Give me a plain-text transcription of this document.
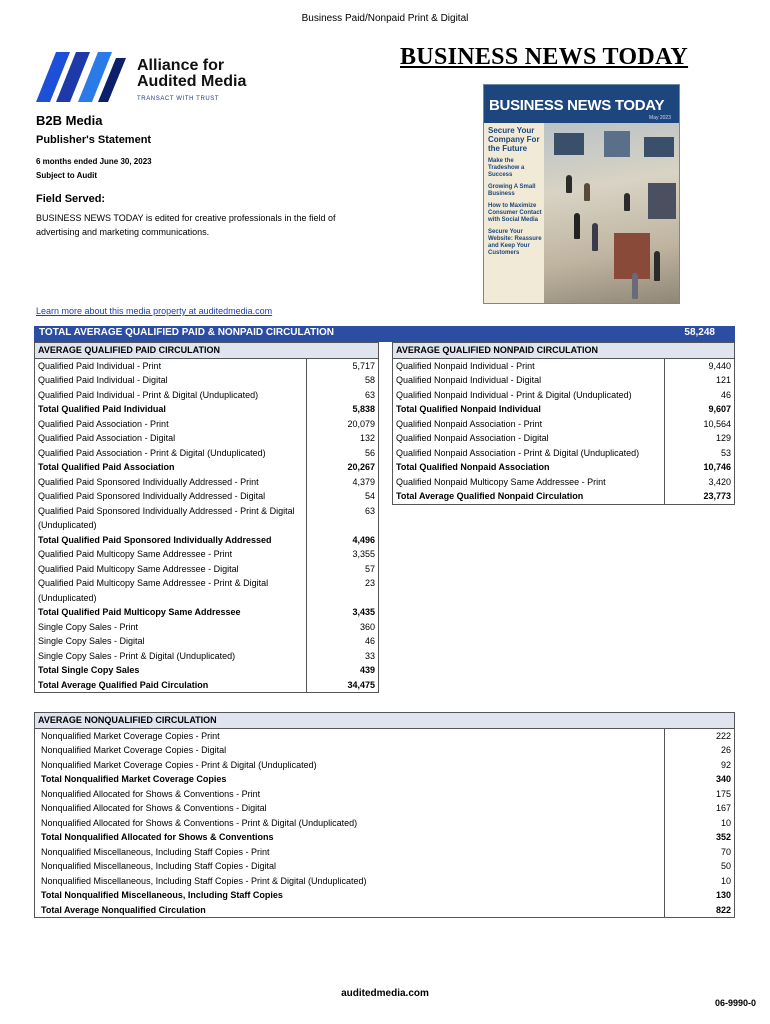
Business Paid/Nonpaid Print & Digital
Alliance for
Audited Media
TRANSACT WITH TRUST
BUSINESS NEWS TODAY
BUSINESS NEWS TODAY
May 2023
Secure Your Company For the Future
Make the Tradeshow a Success
Growing A Small Business
How to Maximize Consumer Contact with Social Media
Secure Your Website: Reassure and Keep Your Customers
B2B Media
Publisher's Statement
6 months ended June 30, 2023
Subject to Audit
Field Served:
BUSINESS NEWS TODAY is edited for creative professionals in the field of advertising and marketing communications.
Learn more about this media property at auditedmedia.com
TOTAL AVERAGE QUALIFIED PAID & NONPAID CIRCULATION	58,248
AVERAGE QUALIFIED PAID CIRCULATION	
Qualified Paid Individual - Print	5,717
Qualified Paid Individual - Digital	58
Qualified Paid Individual - Print & Digital (Unduplicated)	63
Total Qualified Paid Individual	5,838
Qualified Paid Association - Print	20,079
Qualified Paid Association - Digital	132
Qualified Paid Association - Print & Digital (Unduplicated)	56
Total Qualified Paid Association	20,267
Qualified Paid Sponsored Individually Addressed - Print	4,379
Qualified Paid Sponsored Individually Addressed - Digital	54
Qualified Paid Sponsored Individually Addressed - Print & Digital (Unduplicated)	63
Total Qualified Paid Sponsored Individually Addressed	4,496
Qualified Paid Multicopy Same Addressee - Print	3,355
Qualified Paid Multicopy Same Addressee - Digital	57
Qualified Paid Multicopy Same Addressee - Print & Digital (Unduplicated)	23
Total Qualified Paid Multicopy Same Addressee	3,435
Single Copy Sales - Print	360
Single Copy Sales - Digital	46
Single Copy Sales - Print & Digital (Unduplicated)	33
Total Single Copy Sales	439
Total Average Qualified Paid Circulation	34,475
AVERAGE QUALIFIED NONPAID CIRCULATION	
Qualified Nonpaid Individual - Print	9,440
Qualified Nonpaid Individual - Digital	121
Qualified Nonpaid Individual - Print & Digital (Unduplicated)	46
Total Qualified Nonpaid Individual	9,607
Qualified Nonpaid Association - Print	10,564
Qualified Nonpaid Association - Digital	129
Qualified Nonpaid Association - Print & Digital (Unduplicated)	53
Total Qualified Nonpaid Association	10,746
Qualified Nonpaid Multicopy Same Addressee - Print	3,420
Total Average Qualified Nonpaid Circulation	23,773
AVERAGE NONQUALIFIED CIRCULATION	
Nonqualified Market Coverage Copies - Print	222
Nonqualified Market Coverage Copies - Digital	26
Nonqualified Market Coverage Copies - Print & Digital (Unduplicated)	92
Total Nonqualified Market Coverage Copies	340
Nonqualified Allocated for Shows & Conventions - Print	175
Nonqualified Allocated for Shows & Conventions - Digital	167
Nonqualified Allocated for Shows & Conventions - Print & Digital (Unduplicated)	10
Total Nonqualified Allocated for Shows & Conventions	352
Nonqualified Miscellaneous, Including Staff Copies - Print	70
Nonqualified Miscellaneous, Including Staff Copies - Digital	50
Nonqualified Miscellaneous, Including Staff Copies - Print & Digital (Unduplicated)	10
Total Nonqualified Miscellaneous, Including Staff Copies	130
Total Average Nonqualified Circulation	822
auditedmedia.com
06-9990-0
